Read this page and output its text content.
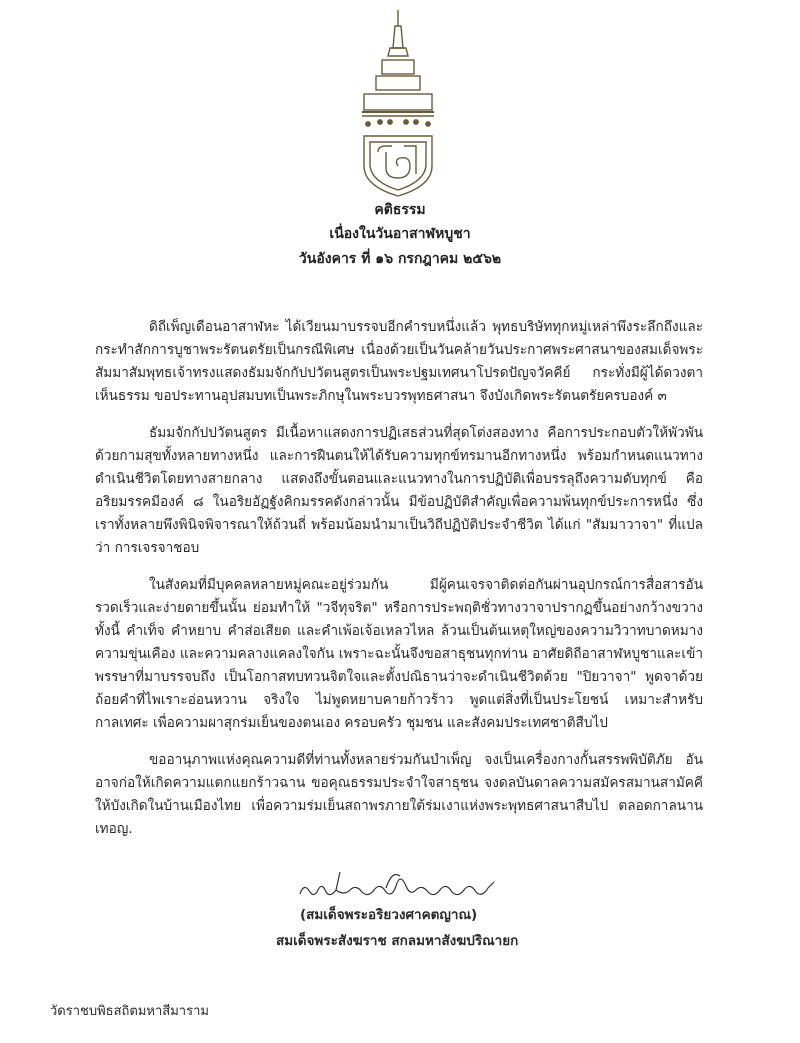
คติธรรม
เนื่องในวันอาสาฬหบูชา
วันอังคาร ที่ ๑๖ กรกฎาคม ๒๕๖๒

ดิถีเพ็ญเดือนอาสาฬหะ ได้เวียนมาบรรจบอีกคำรบหนึ่งแล้ว พุทธบริษัททุกหมู่เหล่าพึงระลึกถึงและกระทำสักการบูชาพระรัตนตรัยเป็นกรณีพิเศษ เนื่องด้วยเป็นวันคล้ายวันประกาศพระศาสนาของสมเด็จพระสัมมาสัมพุทธเจ้าทรงแสดงธัมมจักกัปปวัตนสูตรเป็นพระปฐมเทศนาโปรดปัญจวัคคีย์ กระทั่งมีผู้ได้ดวงตาเห็นธรรม ขอประทานอุปสมบทเป็นพระภิกษุในพระบวรพุทธศาสนา จึงบังเกิดพระรัตนตรัยครบองค์ ๓

ธัมมจักกัปปวัตนสูตร มีเนื้อหาแสดงการปฏิเสธส่วนที่สุดโต่งสองทาง คือการประกอบตัวให้พัวพันด้วยกามสุขทั้งหลายทางหนึ่ง และการฝืนตนให้ได้รับความทุกข์ทรมานอีกทางหนึ่ง พร้อมกำหนดแนวทางดำเนินชีวิตโดยทางสายกลาง แสดงถึงขั้นตอนและแนวทางในการปฏิบัติเพื่อบรรลุถึงความดับทุกข์ คืออริยมรรคมีองค์ ๘ ในอริยอัฏฐังคิกมรรคดังกล่าวนั้น มีข้อปฏิบัติสำคัญเพื่อความพ้นทุกข์ประการหนึ่ง ซึ่งเราทั้งหลายพึงพินิจพิจารณาให้ถ้วนถี่ พร้อมน้อมนำมาเป็นวิถีปฏิบัติประจำชีวิต ได้แก่ "สัมมาวาจา" ที่แปลว่า การเจรจาชอบ

ในสังคมที่มีบุคคลหลายหมู่คณะอยู่ร่วมกัน มีผู้คนเจรจาติดต่อกันผ่านอุปกรณ์การสื่อสารอันรวดเร็วและง่ายดายขึ้นนั้น ย่อมทำให้ "วจีทุจริต" หรือการประพฤติชั่วทางวาจาปรากฏขึ้นอย่างกว้างขวาง ทั้งนี้ คำเท็จ คำหยาบ คำส่อเสียด และคำเพ้อเจ้อเหลวไหล ล้วนเป็นต้นเหตุใหญ่ของความวิวาทบาดหมาง ความขุ่นเคือง และความคลางแคลงใจกัน เพราะฉะนั้นจึงขอสาธุชนทุกท่าน อาศัยดิถีอาสาฬหบูชาและเข้าพรรษาที่มาบรรจบถึง เป็นโอกาสทบทวนจิตใจและตั้งปณิธานว่าจะดำเนินชีวิตด้วย "ปิยวาจา" พูดจาด้วยถ้อยคำที่ไพเราะอ่อนหวาน จริงใจ ไม่พูดหยาบคายก้าวร้าว พูดแต่สิ่งที่เป็นประโยชน์ เหมาะสำหรับกาลเทศะ เพื่อความผาสุกร่มเย็นของตนเอง ครอบครัว ชุมชน และสังคมประเทศชาติสืบไป

ขออานุภาพแห่งคุณความดีที่ท่านทั้งหลายร่วมกันบำเพ็ญ จงเป็นเครื่องกางกั้นสรรพพิบัติภัย อันอาจก่อให้เกิดความแตกแยกร้าวฉาน ขอคุณธรรมประจำใจสาธุชน จงดลบันดาลความสมัครสมานสามัคคีให้บังเกิดในบ้านเมืองไทย เพื่อความร่มเย็นสถาพรภายใต้ร่มเงาแห่งพระพุทธศาสนาสืบไป ตลอดกาลนาน เทอญ.

(สมเด็จพระอริยวงศาคตญาณ)
สมเด็จพระสังฆราช สกลมหาสังฆปริณายก
วัดราชบพิธสถิตมหาสีมาราม
